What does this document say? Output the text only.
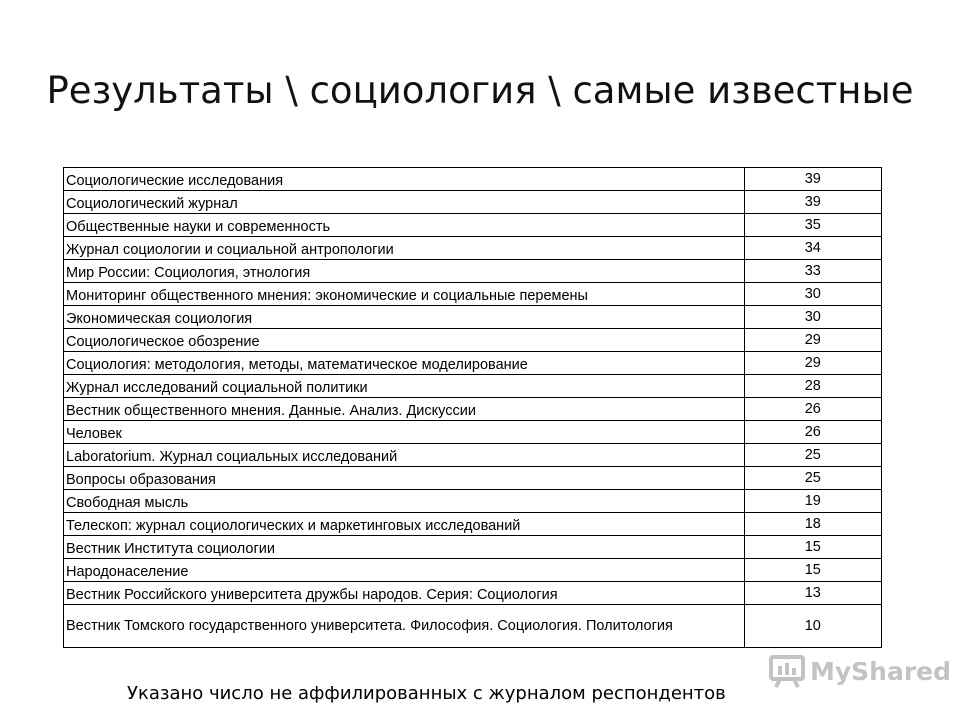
Результаты \ социология \ самые известные
Социологические исследования	39
Социологический журнал	39
Общественные науки и современность	35
Журнал социологии и социальной антропологии	34
Мир России: Социология, этнология	33
Мониторинг общественного мнения: экономические и социальные перемены	30
Экономическая социология	30
Социологическое обозрение	29
Социология: методология, методы, математическое моделирование	29
Журнал исследований социальной политики	28
Вестник общественного мнения. Данные. Анализ. Дискуссии	26
Человек	26
Laboratorium. Журнал социальных исследований	25
Вопросы образования	25
Свободная мысль	19
Телескоп: журнал социологических и маркетинговых исследований	18
Вестник Института социологии	15
Народонаселение	15
Вестник Российского университета дружбы народов. Серия: Социология	13
Вестник Томского государственного университета. Философия. Социология. Политология	10
MyShared
Указано число не аффилированных с журналом респондентов
